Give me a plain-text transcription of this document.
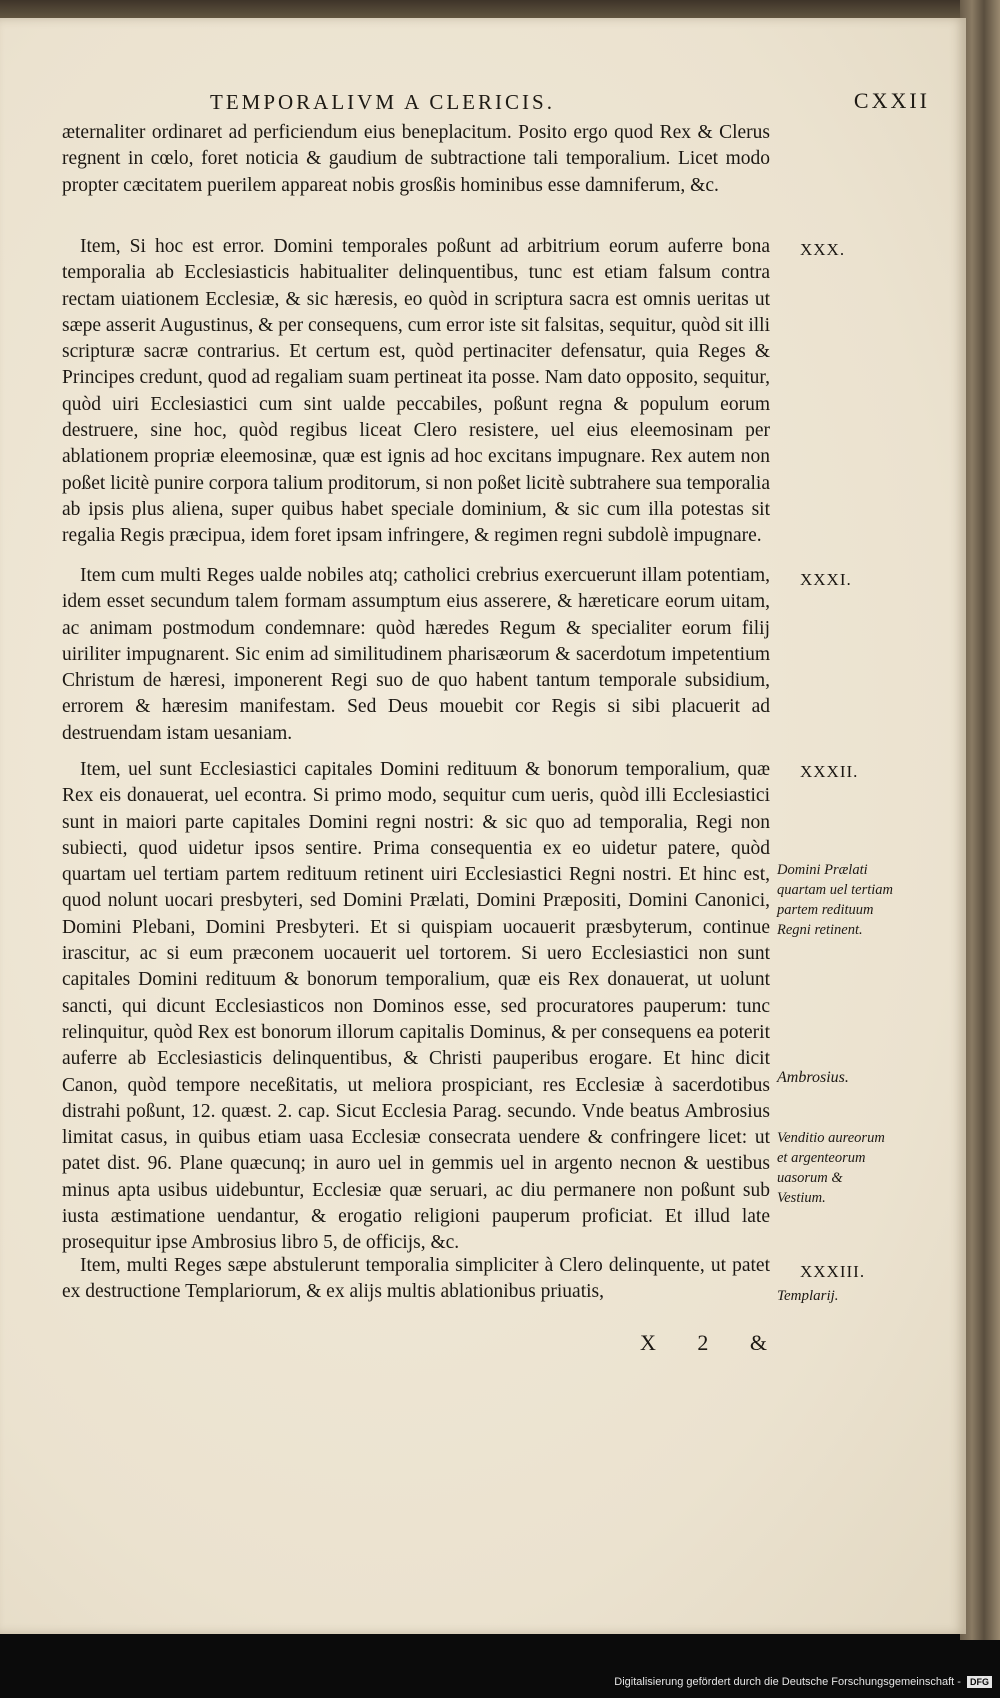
TEMPORALIVM A CLERICIS.	CXXII

æternaliter ordinaret ad perficiendum eius beneplacitum. Posito ergo quod Rex & Clerus regnent in cœlo, foret noticia & gaudium de subtractione tali temporalium. Licet modo propter cæcitatem puerilem appareat nobis grosßis hominibus esse damniferum, &c.

Item, Si hoc est error. Domini temporales poßunt ad arbitrium eorum auferre bona temporalia ab Ecclesiasticis habitualiter delinquentibus, tunc est etiam falsum contra rectam uiationem Ecclesiæ, & sic hæresis, eo quòd in scriptura sacra est omnis ueritas ut sæpe asserit Augustinus, & per consequens, cum error iste sit falsitas, sequitur, quòd sit illi scripturæ sacræ contrarius. Et certum est, quòd pertinaciter defensatur, quia Reges & Principes credunt, quod ad regaliam suam pertineat ita posse. Nam dato opposito, sequitur, quòd uiri Ecclesiastici cum sint ualde peccabiles, poßunt regna & populum eorum destruere, sine hoc, quòd regibus liceat Clero resistere, uel eius eleemosinam per ablationem propriæ eleemosinæ, quæ est ignis ad hoc excitans impugnare. Rex autem non poßet licitè punire corpora talium proditorum, si non poßet licitè subtrahere sua temporalia ab ipsis plus aliena, super quibus habet speciale dominium, & sic cum illa potestas sit regalia Regis præcipua, idem foret ipsam infringere, & regimen regni subdolè impugnare.

Item cum multi Reges ualde nobiles atq; catholici crebrius exercuerunt illam potentiam, idem esset secundum talem formam assumptum eius asserere, & hæreticare eorum uitam, ac animam postmodum condemnare: quòd hæredes Regum & specialiter eorum filij uiriliter impugnarent. Sic enim ad similitudinem pharisæorum & sacerdotum impetentium Christum de hæresi, imponerent Regi suo de quo habent tantum temporale subsidium, errorem & hæresim manifestam. Sed Deus mouebit cor Regis si sibi placuerit ad destruendam istam uesaniam.

Item, uel sunt Ecclesiastici capitales Domini redituum & bonorum temporalium, quæ Rex eis donauerat, uel econtra. Si primo modo, sequitur cum ueris, quòd illi Ecclesiastici sunt in maiori parte capitales Domini regni nostri: & sic quo ad temporalia, Regi non subiecti, quod uidetur ipsos sentire. Prima consequentia ex eo uidetur patere, quòd quartam uel tertiam partem redituum retinent uiri Ecclesiastici Regni nostri. Et hinc est, quod nolunt uocari presbyteri, sed Domini Prælati, Domini Præpositi, Domini Canonici, Domini Plebani, Domini Presbyteri. Et si quispiam uocauerit præsbyterum, continue irascitur, ac si eum præconem uocauerit uel tortorem. Si uero Ecclesiastici non sunt capitales Domini redituum & bonorum temporalium, quæ eis Rex donauerat, ut uolunt sancti, qui dicunt Ecclesiasticos non Dominos esse, sed procuratores pauperum: tunc relinquitur, quòd Rex est bonorum illorum capitalis Dominus, & per consequens ea poterit auferre ab Ecclesiasticis delinquentibus, & Christi pauperibus erogare. Et hinc dicit Canon, quòd tempore neceßitatis, ut meliora prospiciant, res Ecclesiæ à sacerdotibus distrahi poßunt, 12. quæst. 2. cap. Sicut Ecclesia Parag. secundo. Vnde beatus Ambrosius limitat casus, in quibus etiam uasa Ecclesiæ consecrata uendere & confringere licet: ut patet dist. 96. Plane quæcunq; in auro uel in gemmis uel in argento necnon & uestibus minus apta usibus uidebuntur, Ecclesiæ quæ seruari, ac diu permanere non poßunt sub iusta æstimatione uendantur, & erogatio religioni pauperum proficiat. Et illud late prosequitur ipse Ambrosius libro 5, de officijs, &c.

Item, multi Reges sæpe abstulerunt temporalia simpliciter à Clero delinquente, ut patet ex destructione Templariorum, & ex alijs multis ablationibus priuatis,

XXX.
XXXI.
XXXII.
XXXIII.
Domini Prælati quartam uel tertiam partem redituum Regni retinent.
Ambrosius.
Venditio aureorum et argenteorum uasorum & Vestium.
Templarij.
X 2 &
Digitalisierung gefördert durch die Deutsche Forschungsgemeinschaft - DFG
